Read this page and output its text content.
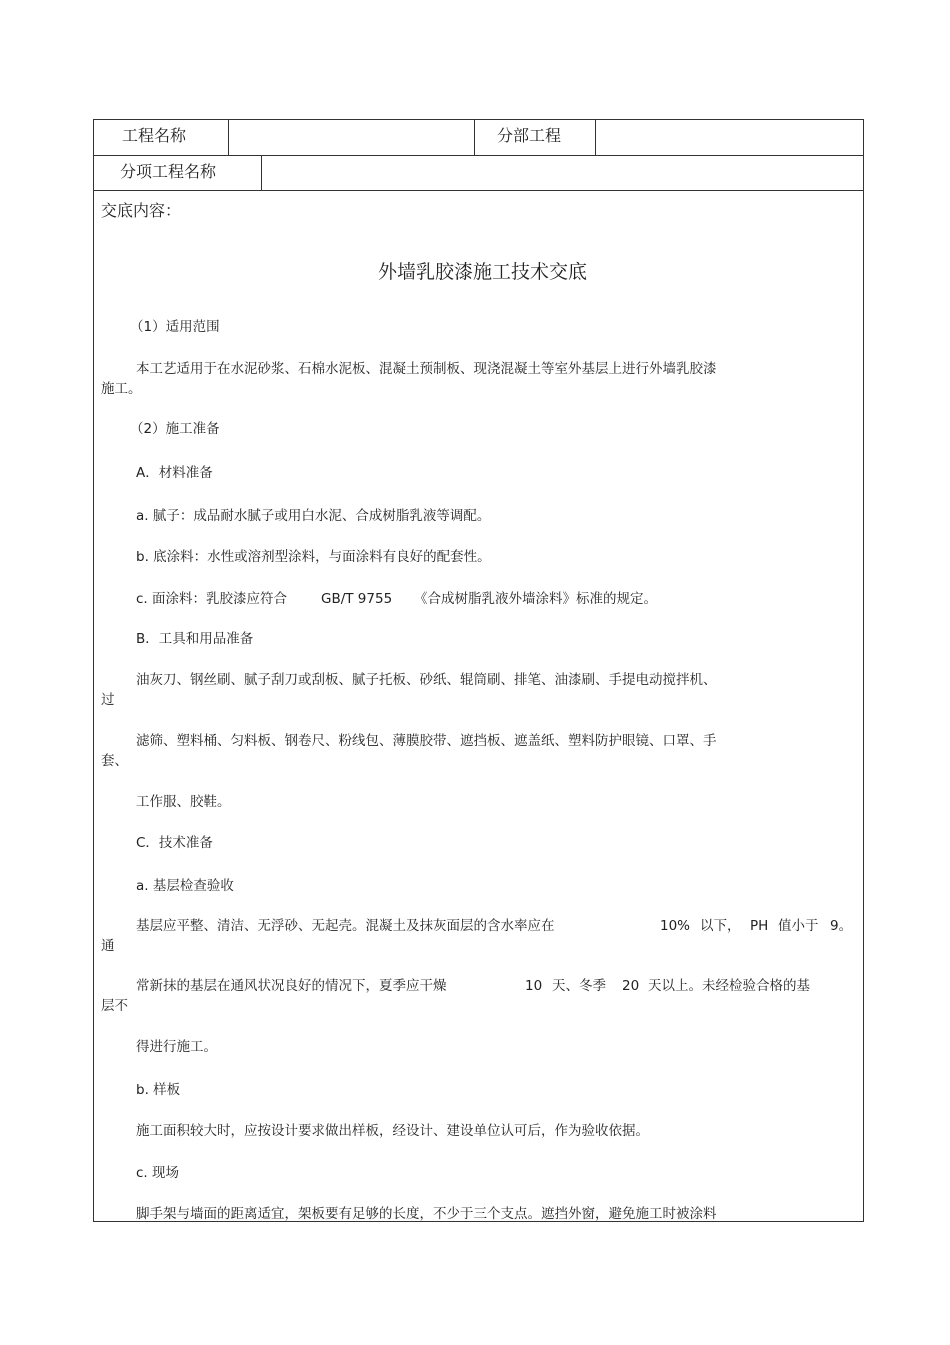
工程名称	分部工程
分项工程名称
交底内容：
外墙乳胶漆施工技术交底
（1）适用范围
本工艺适用于在水泥砂浆、石棉水泥板、混凝土预制板、现浇混凝土等室外基层上进行外墙乳胶漆
施工。
（2）施工准备
A．材料准备
a. 腻子：成品耐水腻子或用白水泥、合成树脂乳液等调配。
b. 底涂料：水性或溶剂型涂料，与面涂料有良好的配套性。
c. 面涂料：乳胶漆应符合	GB/T 9755 《合成树脂乳液外墙涂料》标准的规定。
B．工具和用品准备
油灰刀、钢丝刷、腻子刮刀或刮板、腻子托板、砂纸、辊筒刷、排笔、油漆刷、手提电动搅拌机、
过
滤筛、塑料桶、匀料板、钢卷尺、粉线包、薄膜胶带、遮挡板、遮盖纸、塑料防护眼镜、口罩、手
套、
工作服、胶鞋。
C．技术准备
a. 基层检查验收
基层应平整、清洁、无浮砂、无起壳。混凝土及抹灰面层的含水率应在	10% 以下， PH 值小于 9。
通
常新抹的基层在通风状况良好的情况下，夏季应干燥	10 天、冬季 20 天以上。未经检验合格的基
层不
得进行施工。
b. 样板
施工面积较大时，应按设计要求做出样板，经设计、建设单位认可后，作为验收依据。
c. 现场
脚手架与墙面的距离适宜，架板要有足够的长度，不少于三个支点。遮挡外窗，避免施工时被涂料
